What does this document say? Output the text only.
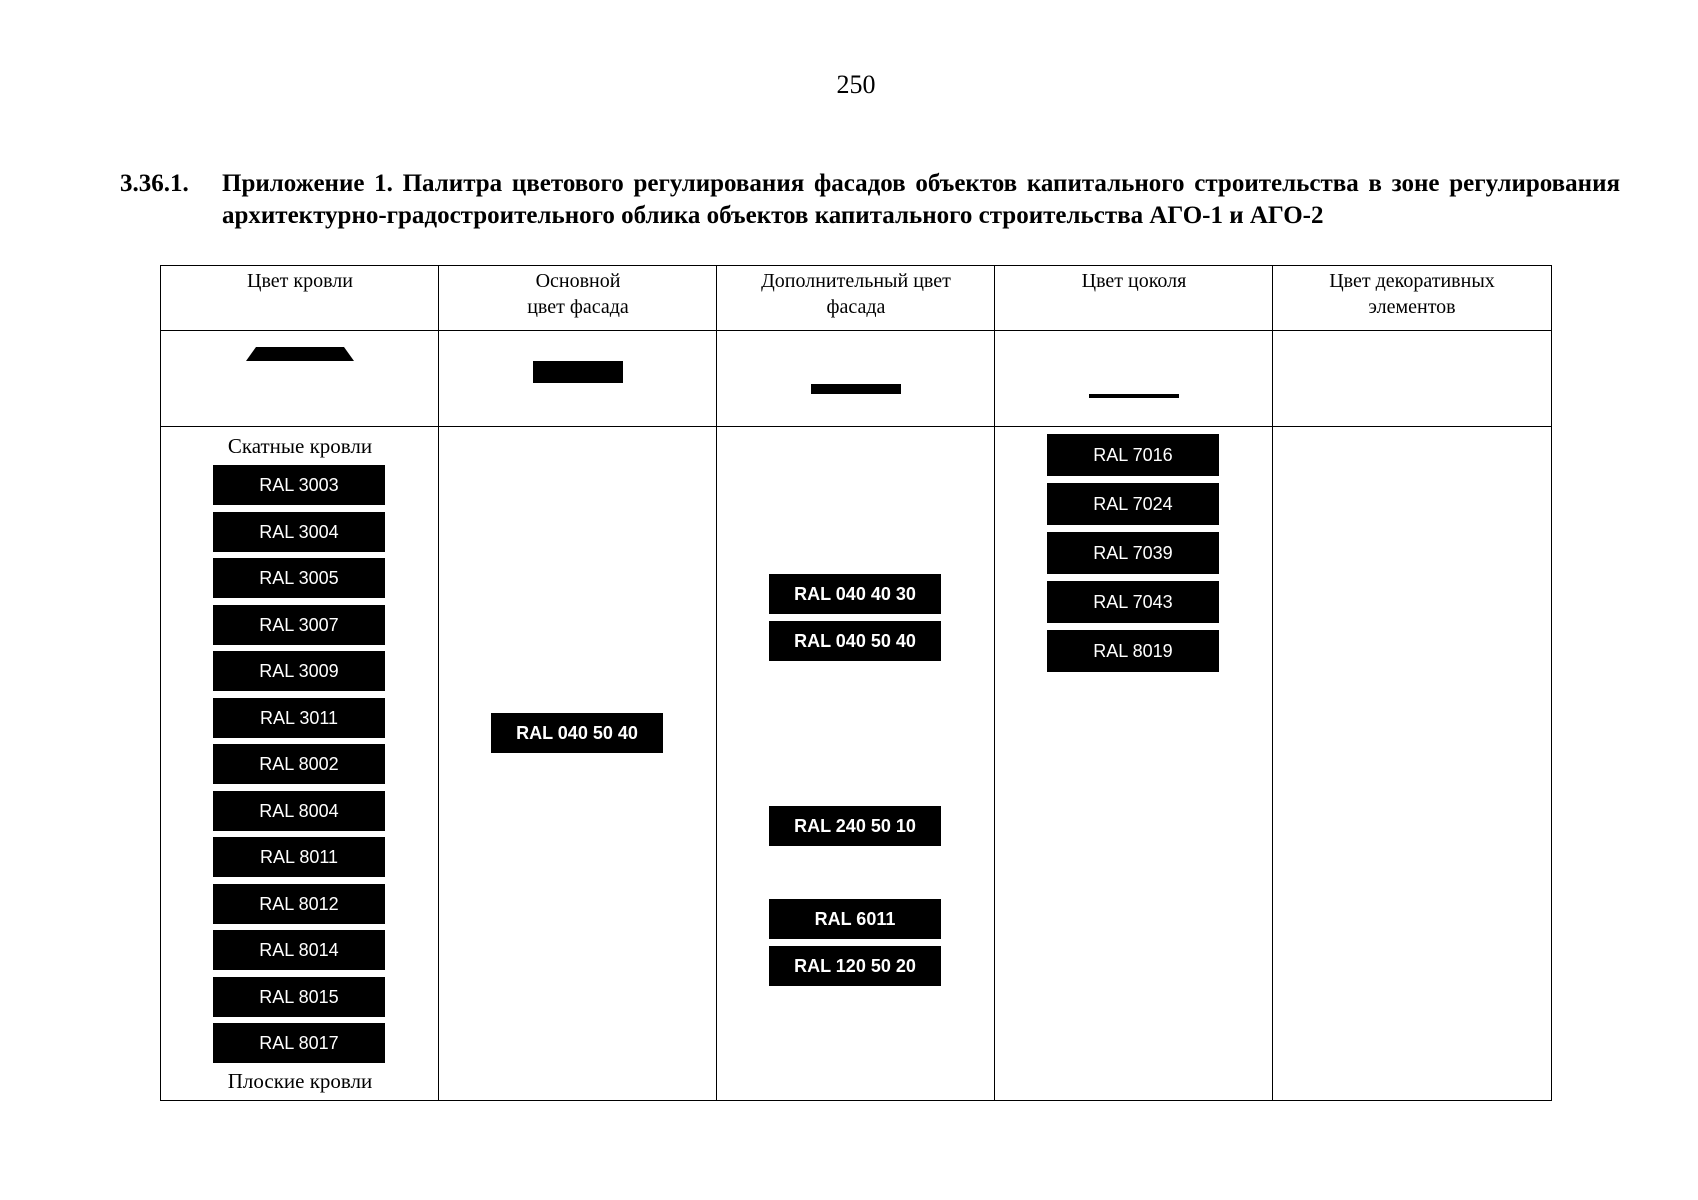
250
3.36.1. Приложение 1. Палитра цветового регулирования фасадов объектов капитального строительства в зоне регулирования архитектурно-градостроительного облика объектов капитального строительства АГО-1 и АГО-2
Цвет кровли	Основной
цвет фасада
Дополнительный цвет
фасада
Цвет цоколя	Цвет декоративных
элементов
Скатные кровли
RAL 3003
RAL 3004
RAL 3005
RAL 3007
RAL 3009
RAL 3011
RAL 8002
RAL 8004
RAL 8011
RAL 8012
RAL 8014
RAL 8015
RAL 8017
Плоские кровли
RAL 040 50 40
RAL 040 40 30
RAL 040 50 40
RAL 240 50 10
RAL 6011
RAL 120 50 20
RAL 7016
RAL 7024
RAL 7039
RAL 7043
RAL 8019
